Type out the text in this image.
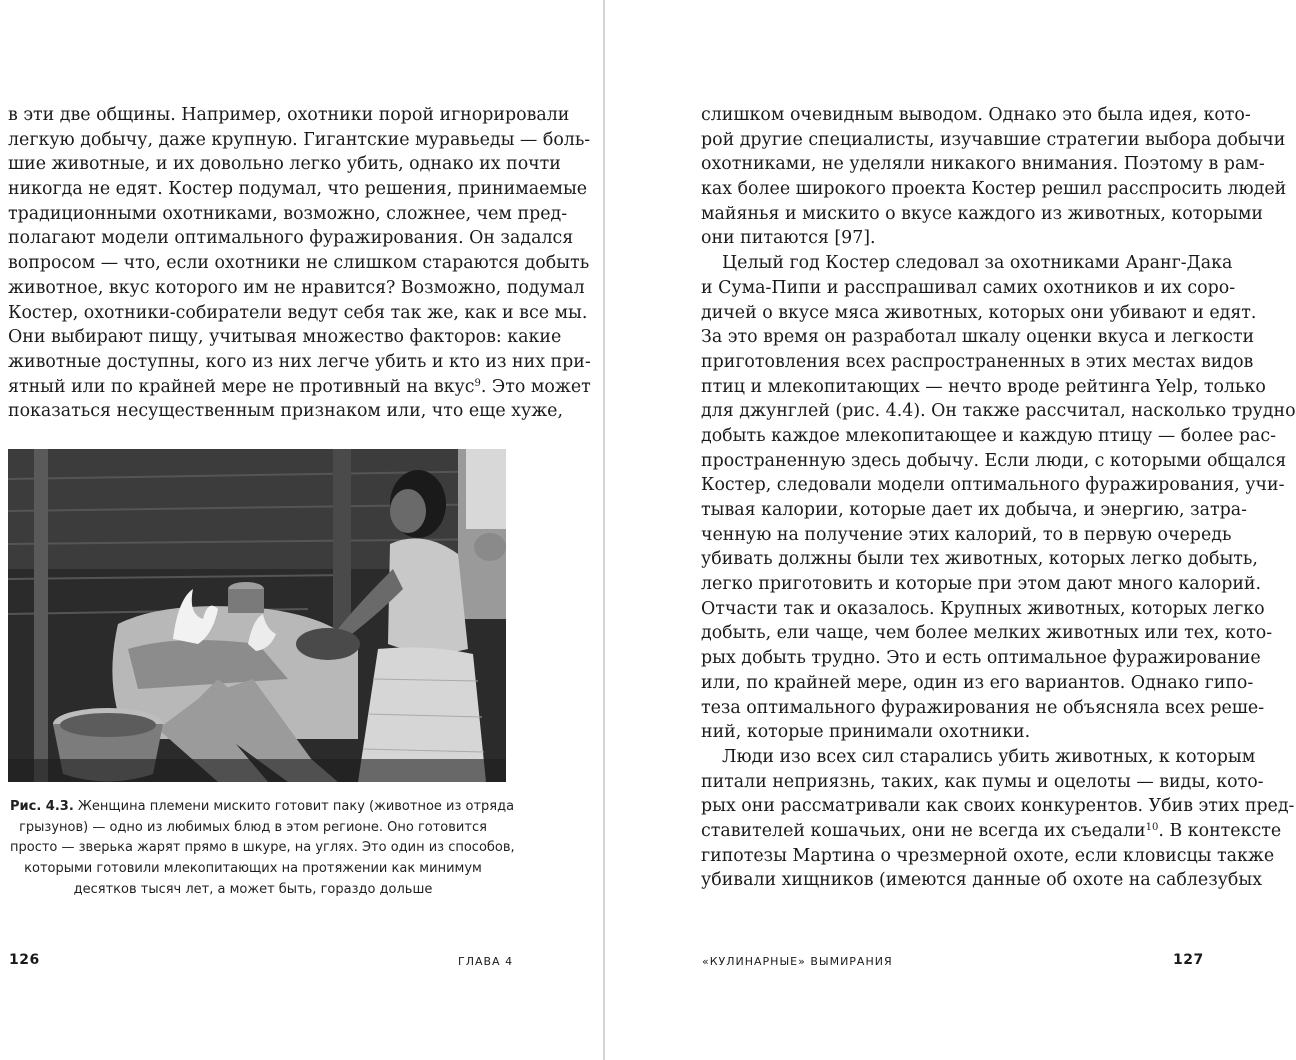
в эти две общины. Например, охотники порой игнорировали
легкую добычу, даже крупную. Гигантские муравьеды — боль-
шие животные, и их довольно легко убить, однако их почти
никогда не едят. Костер подумал, что решения, принимаемые
традиционными охотниками, возможно, сложнее, чем пред-
полагают модели оптимального фуражирования. Он задался
вопросом — что, если охотники не слишком стараются добыть
животное, вкус которого им не нравится? Возможно, подумал
Костер, охотники-собиратели ведут себя так же, как и все мы.
Они выбирают пищу, учитывая множество факторов: какие
животные доступны, кого из них легче убить и кто из них при-
ятный или по крайней мере не противный на вкус$^9$. Это может
показаться несущественным признаком или, что еще хуже,
Рис. 4.3. Женщина племени мискито готовит паку (животное из отряда
грызунов) — одно из любимых блюд в этом регионе. Оно готовится
просто — зверька жарят прямо в шкуре, на углях. Это один из способов,
которыми готовили млекопитающих на протяжении как минимум
десятков тысяч лет, а может быть, гораздо дольше
126	ГЛАВА 4
слишком очевидным выводом. Однако это была идея, кото-
рой другие специалисты, изучавшие стратегии выбора добычи
охотниками, не уделяли никакого внимания. Поэтому в рам-
ках более широкого проекта Костер решил расспросить людей
майянья и мискито о вкусе каждого из животных, которыми
они питаются [97].
Целый год Костер следовал за охотниками Аранг-Дака
и Сума-Пипи и расспрашивал самих охотников и их соро-
дичей о вкусе мяса животных, которых они убивают и едят.
За это время он разработал шкалу оценки вкуса и легкости
приготовления всех распространенных в этих местах видов
птиц и млекопитающих — нечто вроде рейтинга Yelp, только
для джунглей (рис. 4.4). Он также рассчитал, насколько трудно
добыть каждое млекопитающее и каждую птицу — более рас-
пространенную здесь добычу. Если люди, с которыми общался
Костер, следовали модели оптимального фуражирования, учи-
тывая калории, которые дает их добыча, и энергию, затра-
ченную на получение этих калорий, то в первую очередь
убивать должны были тех животных, которых легко добыть,
легко приготовить и которые при этом дают много калорий.
Отчасти так и оказалось. Крупных животных, которых легко
добыть, ели чаще, чем более мелких животных или тех, кото-
рых добыть трудно. Это и есть оптимальное фуражирование
или, по крайней мере, один из его вариантов. Однако гипо-
теза оптимального фуражирования не объясняла всех реше-
ний, которые принимали охотники.
Люди изо всех сил старались убить животных, к которым
питали неприязнь, таких, как пумы и оцелоты — виды, кото-
рых они рассматривали как своих конкурентов. Убив этих пред-
ставителей кошачьих, они не всегда их съедали$^{10}$. В контексте
гипотезы Мартина о чрезмерной охоте, если кловисцы также
убивали хищников (имеются данные об охоте на саблезубых
«КУЛИНАРНЫЕ» ВЫМИРАНИЯ	127
